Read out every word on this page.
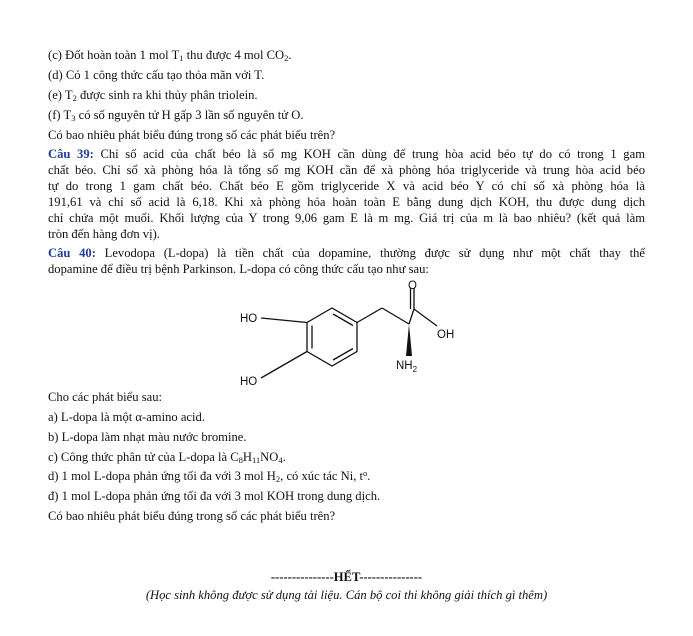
(c) Đốt hoàn toàn 1 mol $T_1$ thu được 4 mol $CO_2$.
(d) Có 1 công thức cấu tạo thỏa mãn với T.
(e) $T_2$ được sinh ra khi thủy phân triolein.
(f) $T_3$ có số nguyên tử H gấp 3 lần số nguyên tử O.
Có bao nhiêu phát biểu đúng trong số các phát biểu trên?
Câu 39: Chỉ số acid của chất béo là số mg KOH cần dùng để trung hòa acid béo tự do có trong 1 gam
chất béo. Chỉ số xà phòng hóa là tổng số mg KOH cần để xà phòng hóa triglyceride và trung hòa acid béo
tự do trong 1 gam chất béo. Chất béo E gồm triglyceride X và acid béo Y có chỉ số xà phòng hóa là
191,61 và chỉ số acid là 6,18. Khi xà phòng hóa hoàn toàn E bằng dung dịch KOH, thu được dung dịch
chỉ chứa một muối. Khối lượng của Y trong 9,06 gam E là m mg. Giá trị của m là bao nhiêu? (kết quả làm
tròn đến hàng đơn vị).
Câu 40: Levodopa (L-dopa) là tiền chất của dopamine, thường được sử dụng như một chất thay thế
dopamine để điều trị bệnh Parkinson. L-dopa có công thức cấu tạo như sau:
HO
HO
OH
O
$NH_2$
Cho các phát biểu sau:
a) L-dopa là một α-amino acid.
b) L-dopa làm nhạt màu nước bromine.
c) Công thức phân tử của L-dopa là $C_8H_{11}NO_4$.
d) 1 mol L-dopa phản ứng tối đa với 3 mol $H_2$, có xúc tác Ni, $t^o$.
đ) 1 mol L-dopa phản ứng tối đa với 3 mol KOH trong dung dịch.
Có bao nhiêu phát biểu đúng trong số các phát biểu trên?
---------------HẾT---------------
(Học sinh không được sử dụng tài liệu. Cán bộ coi thi không giải thích gì thêm)
